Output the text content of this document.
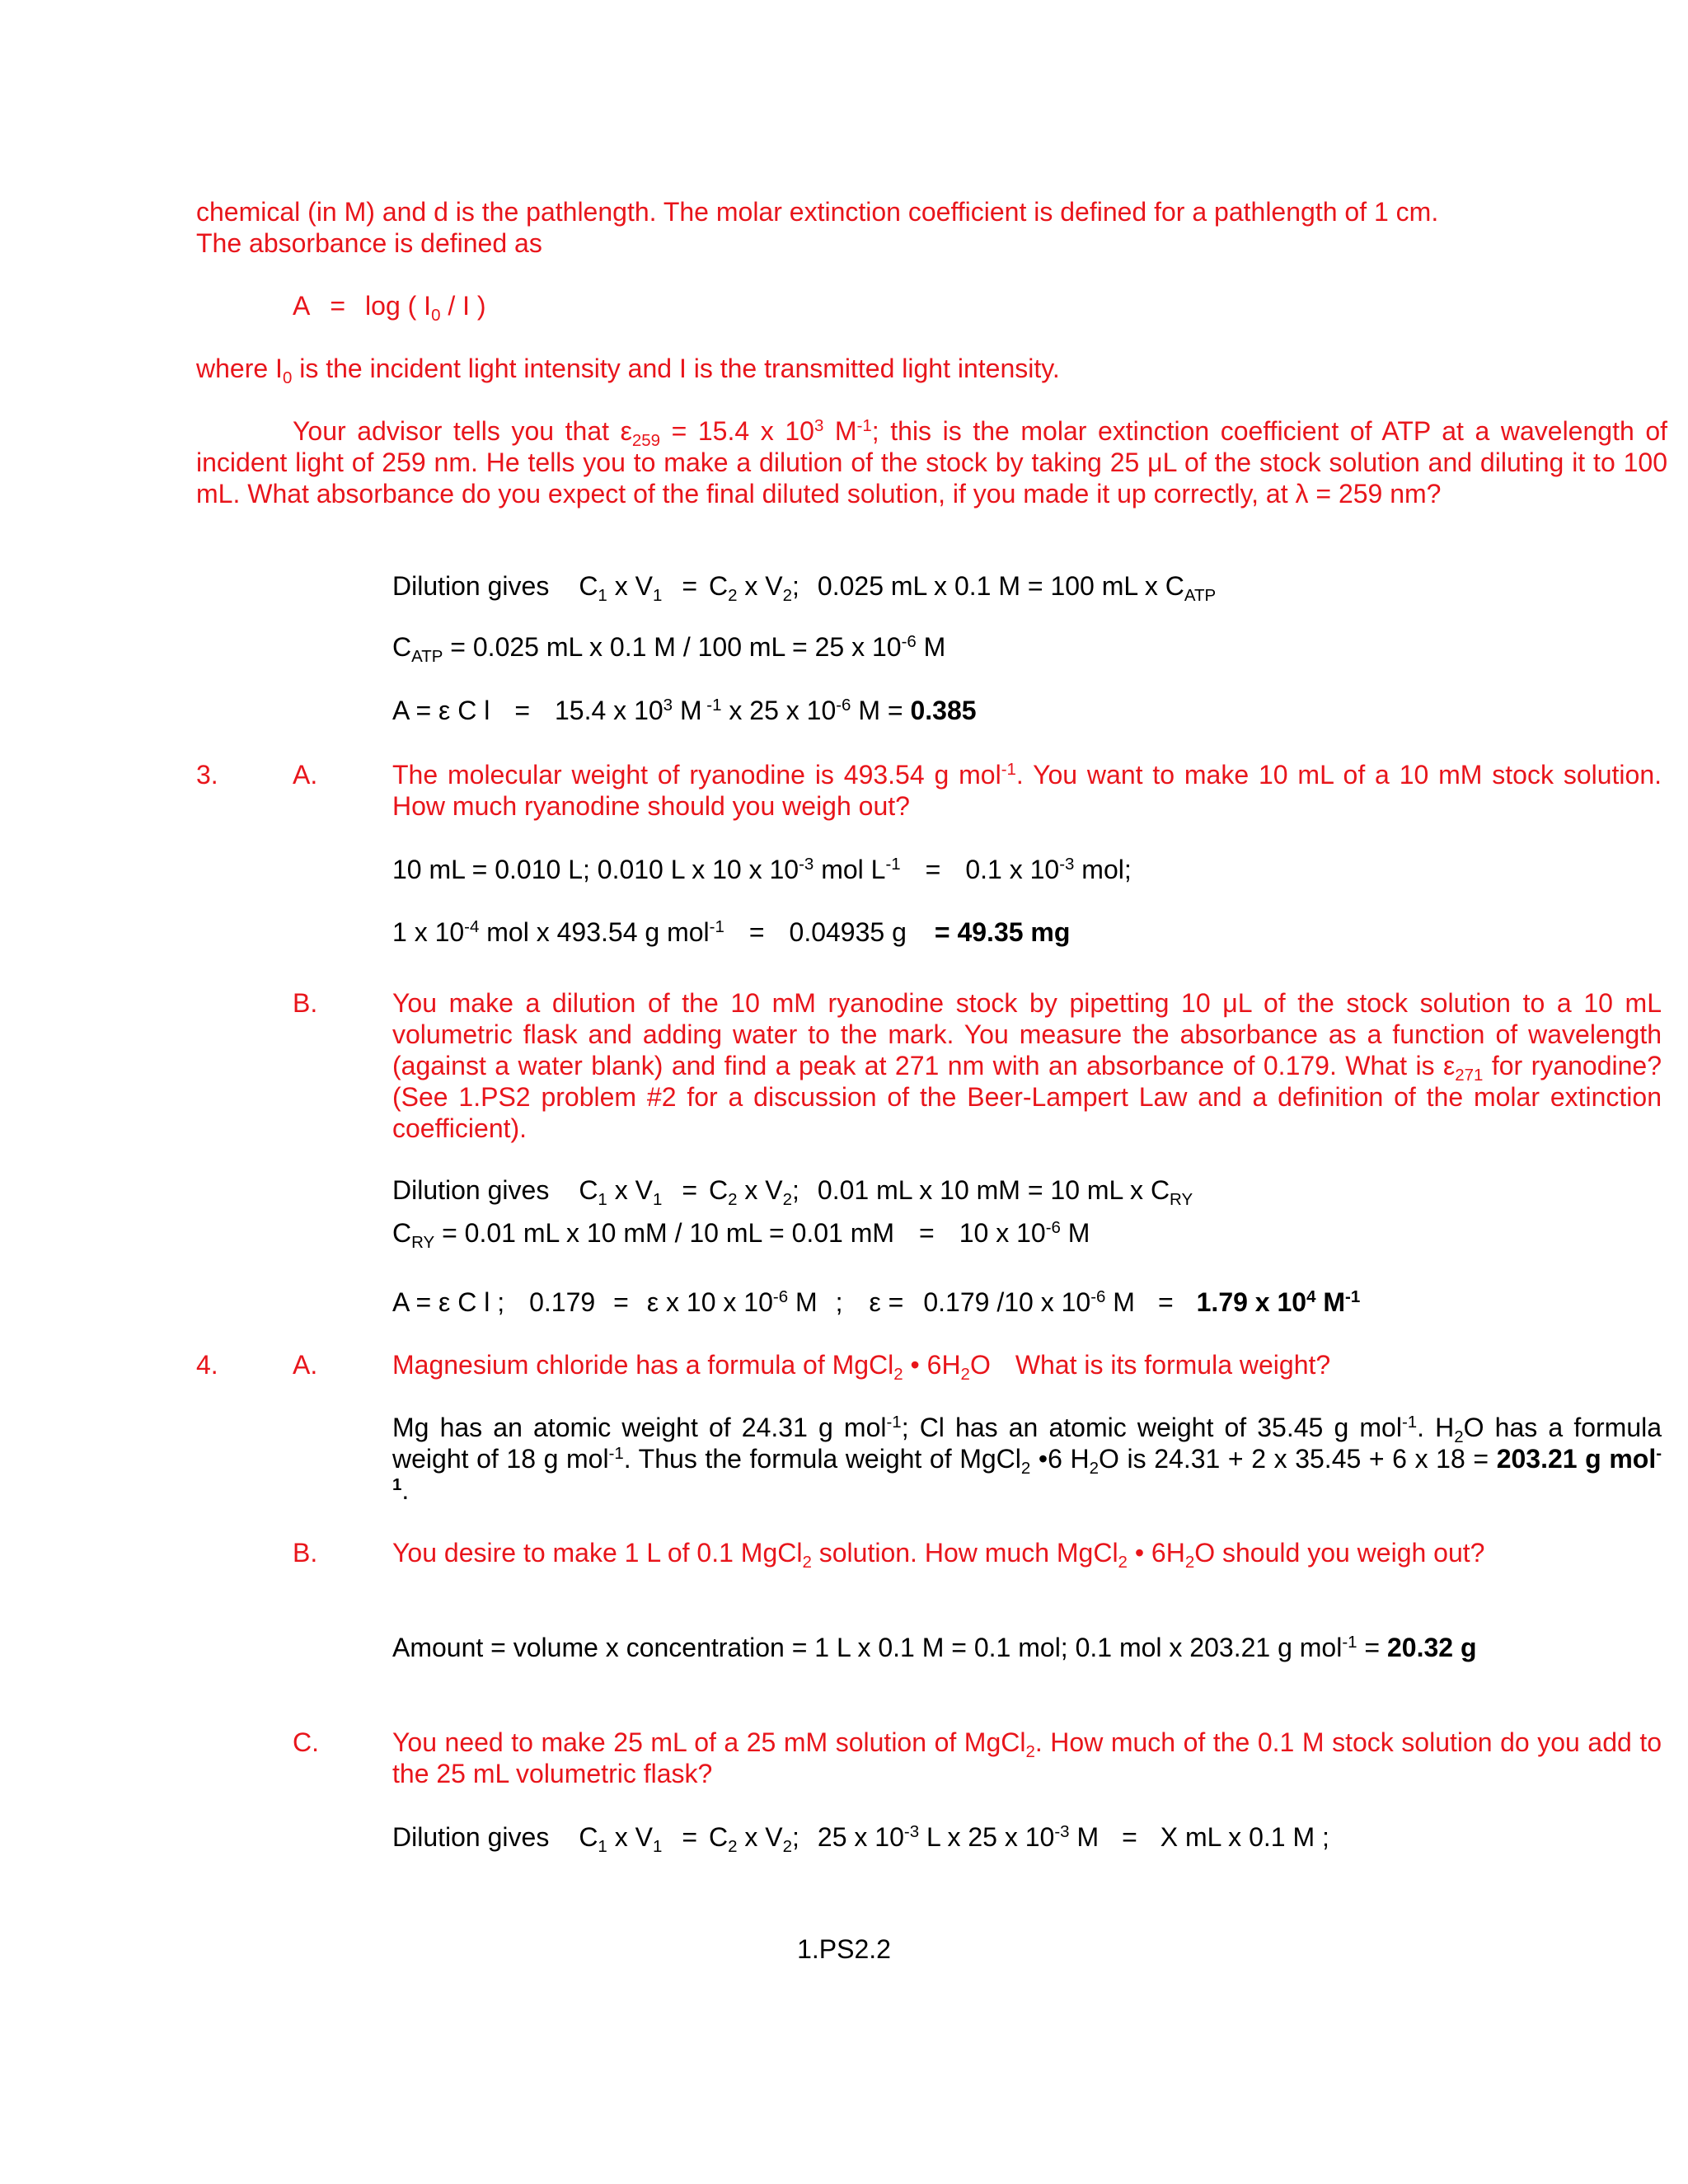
chemical (in M) and d is the pathlength. The molar extinction coefficient is defined for a pathlength of 1 cm.
The absorbance is defined as
A = log ( $I_0$ / I )
where $I_0$ is the incident light intensity and I is the transmitted light intensity.
Your advisor tells you that $\varepsilon_{259} = 15.4$ x $10^3$ $M^{-1}$; this is the molar extinction coefficient of ATP at a wavelength of incident light of 259 nm. He tells you to make a dilution of the stock by taking 25 μL of the stock solution and diluting it to 100 mL. What absorbance do you expect of the final diluted solution, if you made it up correctly, at λ = 259 nm?
Dilution gives $C_1$ x $V_1 = C_2$ x $V_2$; 0.025 mL x 0.1 M = 100 mL x $C_{ATP}$
$C_{ATP} = 0.025$ mL x 0.1 M / 100 mL = 25 x $10^{-6}$ M
A = ε C l = 15.4 x $10^3$ M $^{-1}$ x 25 x $10^{-6}$ M = 0.385
3.	A.	The molecular weight of ryanodine is 493.54 g mol$^{-1}$. You want to make 10 mL of a 10 mM stock solution. How much ryanodine should you weigh out?
10 mL = 0.010 L; 0.010 L x 10 x $10^{-3}$ mol $L^{-1} = 0.1$ x $10^{-3}$ mol;
1 x $10^{-4}$ mol x 493.54 g mol$^{-1}$ = 0.04935 g = 49.35 mg
B.	You make a dilution of the 10 mM ryanodine stock by pipetting 10 μL of the stock solution to a 10 mL volumetric flask and adding water to the mark. You measure the absorbance as a function of wavelength (against a water blank) and find a peak at 271 nm with an absorbance of 0.179. What is $\varepsilon_{271}$ for ryanodine? (See 1.PS2 problem #2 for a discussion of the Beer-Lampert Law and a definition of the molar extinction coefficient).
Dilution gives $C_1$ x $V_1 = C_2$ x $V_2$; 0.01 mL x 10 mM = 10 mL x $C_{RY}$
$C_{RY} = 0.01$ mL x 10 mM / 10 mL = 0.01 mM = 10 x $10^{-6}$ M
A = ε C l ; 0.179 = ε x 10 x $10^{-6}$ M ; ε = 0.179 /10 x $10^{-6}$ M = 1.79 x $10^4$ $M^{-1}$
4.	A.	Magnesium chloride has a formula of MgCl$_2$ • $6H_2O$ What is its formula weight?
Mg has an atomic weight of 24.31 g mol$^{-1}$; Cl has an atomic weight of 35.45 g mol$^{-1}$. $H_2O$ has a formula weight of 18 g mol$^{-1}$. Thus the formula weight of MgCl$_2$ •6 $H_2O$ is 24.31 + 2 x 35.45 + 6 x 18 = 203.21 g mol$^{-1}$.
B.	You desire to make 1 L of 0.1 MgCl$_2$ solution. How much MgCl$_2$ • $6H_2O$ should you weigh out?
Amount = volume x concentration = 1 L x 0.1 M = 0.1 mol; 0.1 mol x 203.21 g mol$^{-1}$ = 20.32 g
C.	You need to make 25 mL of a 25 mM solution of MgCl$_2$. How much of the 0.1 M stock solution do you add to the 25 mL volumetric flask?
Dilution gives $C_1$ x $V_1 = C_2$ x $V_2$; 25 x $10^{-3}$ L x 25 x $10^{-3}$ M = X mL x 0.1 M ;
1.PS2.2
